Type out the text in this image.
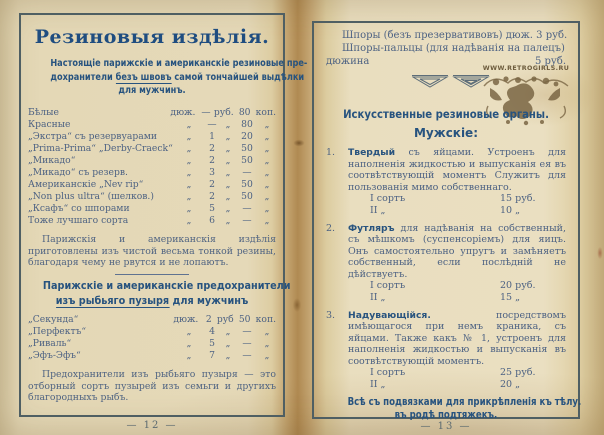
Резиновыя издѣлія.

Настоящіе парижскіе и американскіе резиновые пре-
дохранители безъ швовъ самой тончайшей выдѣлки
для мужчинъ.

Бѣлые	дюж. — руб. 80 коп.
Красные	„	— „	80	„
„Экстра“ съ резервуарами	„	1	„	20	„
„Prima-Prima“ „Derby-Craeck“	„	2	„	50	„
„Микадо“	„	2	„	50	„
„Микадо“ съ резерв.	„	3	„	—	„
Американскіе „Nev rip“	„	2	„	50	„
„Non plus ultra“ (шелков.)	„	2	„	50	„
„Ксафъ“ со шпорами	„	5	„	—	„
Тоже лучшаго сорта	„	6	„	—	„

Парижскія и американскія издѣлія приготовлены изъ чистой весьма тонкой резины, благодаря чему не рвутся и не лопаютъ.

Парижскіе и американскіе предохранители
изъ рыбьяго пузыря для мужчинъ
„Секунда“	дюж. 2 руб 50 коп.
„Перфектъ“	„	4	„	—	„
„Риваль“	„	5	„	—	„
„Эфъ-Эфъ“	„	7	„	—	„

Предохранители изъ рыбьяго пузыря — это отборный сортъ пузырей изъ семьги и другихъ благородныхъ рыбъ.

Шпоры (безъ презервативовъ) дюж. 3 руб.
Шпоры-пальцы (для надѣванія на палецъ)
дюжина	5 руб.

WWW.RETROGIRLS.RU
Искусственные резиновые органы.
Мужскіе:
1. Твердый съ яйцами. Устроенъ для наполненія жидкостью и выпусканія ея въ соотвѣтствующій моментъ Служитъ для пользованія мимо собственнаго.

I сортъ	15 руб.
II „	10 „
2. Футляръ для надѣванія на собственный, съ мѣшкомъ (суспенсоріемъ) для яицъ. Онъ самостоятельно упругъ и замѣняетъ собственный, если послѣдній не дѣйствуетъ.

I сортъ	20 руб.
II „	15 „
3. Надувающійся. посредствомъ имѣющагося при немъ краника, съ яйцами. Также какъ № 1, устроенъ для наполненія жидкостью и выпусканія въ соотвѣтствующій моментъ.

I сортъ	25 руб.
II „	20 „

Всѣ съ подвязками для прикрѣпленія къ тѣлу.
въ родѣ подтяжекъ.

— 12 —	— 13 —
